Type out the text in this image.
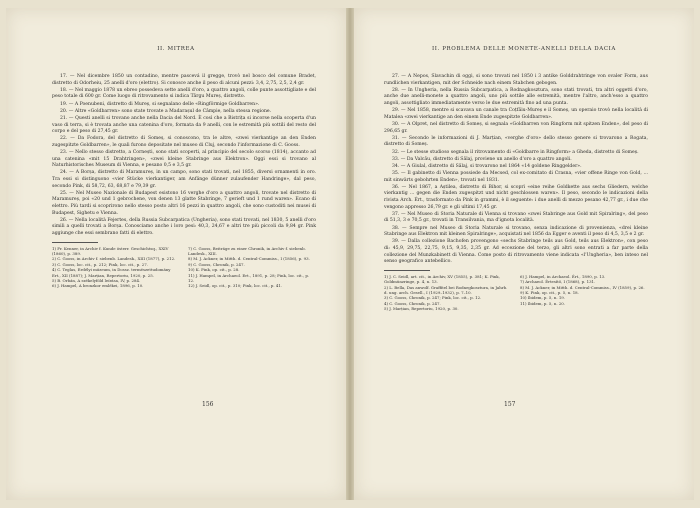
II. MITREA

17. — Nel dicembre 1850 un contadino, mentre pascevá il gregge, trovò nel bosco del comune Bradet, distretto di Odorheiu, 25 anelli d'oro (elettro). Si conosce anche il peso di alcuni pezzi: 3,4, 2,75, 2,5, 2,4 gr.

18. — Nel maggio 1878 un ebreo possedeva sette anelli d'oro, a quattro angoli, colle punte assottigliate e del peso totale di 600 gr. Come luogo di ritrovamento si indica Târgu Mureș, distretto.

19. — A Poenubeni, distretto di Mureș, si segnalano delle «Ringförmige Goldbarren».

20. — Altre «Goldbarren» sono state trovate a Madarașul de Câmpie, nella stessa regione.

21. — Questi anelli si trovano anche nella Dacia del Nord. È così che a Bistrița si incorse nella scoperta d'un vaso di terra, si è trovata anche una catenina d'oro, formata da 9 anelli, con le estremità più sottili del resto del corpo e del peso di 27,45 gr.

22. — Da Fodora, del distretto di Someș, si conoscono, tra le altre, «zwei vierkantige an den Enden zugespitzte Goldbarren», le quali furono depositate nel museo di Cluj, secondo l'informazione di C. Gooss.

23. — Nello stesso distretto, a Cornești, sono stati scoperti, al principio del secolo scorso (1814), accanto ad una catenina «mit 15 Drahtringen», «zwei kleine Stabringe aus Elektron». Oggi essi si trovano al Naturhistorisches Museum di Vienna, e pesano 0,5 e 3,5 gr.

24. — A Borșa, distretto di Maramureș, in un campo, sono stati trovati, nel 1855, diversi ornamenti in oro. Tra essi si distinguono «vier Stücke vierkantiger, am Anfänge dünner zulaufender Handringe», dal peso, secondo Pink, di 58,72, 63, 68,87 e 79,39 gr.

25. — Nel Museo Nazionale di Budapest esistono 16 verghe d'oro a quattro angoli, trovate nel distretto di Maramureș, poi «20 und 1 gebrochene, von denen 13 glatte Stabringe, 7 gerieft und 1 rund waren». Ecano di elettro. Più tardi si scoprirono nello stesso posto altri 16 pezzi in quattro angoli, che sono custoditi nei musei di Budapest, Sighetu e Vienna.

26. — Nella località Fejertes, della Russia Subcarpatica (Ungheria), sono stati trovati, nel 1830, 5 anelli d'oro simili a quelli trovati a Borșa. Conosciamo anche i loro pesi: 40,3, 24,67 e altri tre più piccoli da 9,84 gr. Pink aggiunge che essi sembrano fatti di elettro.

1) Fr. Kenner, in Archiv f. Kunde österr. Geschichtsq., XXIV (1860), p. 389.

2) C. Gooss, in Archiv f. siebenb. Landesk., XIII (1877), p. 212.

3) C. Gooss, loc. cit., p. 212; Pink, loc. cit., p. 27.

4) C. Teglas, Erdélyi múzeum, in Dossz. természettudomány Ert., XII (1887); J. Marțian, Repertoriu, 1920, p. 25.

5) B. Orbán, A székelyföld leírása, IV, p. 284.

6) J. Hampel, A bronzkor emlékei, 1896, p. 10.

7) C. Gooss, Beiträge zu einer Chronik, in Archiv f. siebenb. Landesk., XIII.

8) M. J. Ackner, in Mitth. d. Central-Commiss., I (1856), p. 93.

9) C. Gooss, Chronik, p. 247.

10) K. Pink, op. cit., p. 28.

11) J. Hampel, in Archaeol. Ert., 1891, p. 28; Pink, loc. cit., p. 12.

12) J. Seidl, op. cit., p. 310; Pink, loc. cit., p. 41.

156
II. PROBLEMA DELLE MONETE-ANELLI DELLA DACIA

27. — A Nepos, Slavachin di oggi, si sono trovati nel 1850 i 3 antike Golddrahtringe von ovaler Form, aus rundlichen vierkantigen, mit der Schneide nach einem Stabchen gebogen.

28. — In Ungheria, nella Russia Subcarpatica, a Rodnagkosztura, sono stati trovati, tra altri oggetti d'oro, anche due anelli-monete a quattro angoli, uno più sottile alle estremità, mentre l'altro, anch'esso a quattro angoli, assottigliato immediatamente verso le due estremità fino ad una punta.

29. — Nel 1858, mentre si scavava un canale tra Coțfăiu-Mureș e il Someș, un operaio trovò nella località di Matalea «zwei vierkantige an den einem Ende zugespitzte Goldbarren».

30. — A Olpret, nel distretto di Someș, si segnala «Goldbarren von Ringform mit spitzen Enden», del peso di 296,65 gr.

31. — Secondo le informazioni di J. Marțian, «verghe d'oro» dello stesso genere si trovarono a Rogata, distretto di Someș.

32. — Le stesse studioso segnala il ritrovamento di «Goldbarre in Ringform» a Gheda, distretto di Someș.

33. — Da Valcău, distretto di Sălaj, proviene un anello d'oro a quattro angoli.

34. — A Giulal, distretto di Sălaj, si trovarono nel 1864 «14 goldene Ringgelder».

35. — Il gabinetto di Vienna possiede da Mecsed, col ex-comitato di Crasna, «vier offene Ringe von Gold, ... mit sinwärts gebohrten Enden», trovati nel 1831.

36. — Nel 1867, a Aștilea, distretto di Bihor, si scoprì «eine reihe Goldkette aus sechs Gliedern, welche vierkantig ... gegen die Enden zugespitzt und nicht geschlossen waren». Il peso, secondo le indicazioni della rivista Arch. Ért., trasformato da Pink in grammi, è il seguente: i due anelli di mezzo pesano 42,77 gr., i due che vengono appresso 26,79 gr. e gli ultimi 17,45 gr.

37. — Nel Museo di Storia Naturale di Vienna si trovano «zwei Stabringe aus Gold mit Spiralring», del peso di 51,3, 3 e 70,5 gr., trovati in Transilvania, ma d'ignota località.

38. — Sempre nel Museo di Storia Naturale si trovano, senza indicazione di provenienza, «drei kleine Stabringe aus Elektron mit kleinen Spiralringe», acquistati nel 1856 da Egger e aventi il peso di 4,5, 3,5 e 2 gr.

39. — Dalla collezione Bachofen provengono «sechs Stabringe teils aus Gold, teils aus Elektron», con peso di: 45,9, 29,75, 22,75, 9,15, 9,35, 2,35 gr. Ad eccezione del terzo, gli altri sono entrati a far parte della collezione del Munzkabinett di Vienna. Come posto di ritrovamento viene indicata «l'Ungheria», ben inteso nel senso geografico antebellico.

1) J. C. Seidl, art. cit., in Archiv, XV (1855), p. 381; K. Pink, Goldmünzringe, p. 4, n. 13.

2) L. Bella, Das anwolf. Graffitel bei Rodnegkosztura, in Jahrb. d. ung. arch. Gesell., I (1929–1932), p. 7–10.

3) C. Gooss, Chronik, p. 247; Pink, loc. cit., p. 12.

4) C. Gooss, Chronik, p. 247.

5) J. Marțian, Repertoriu, 1920, p. 30.

6) J. Hampel, in Archaeol. Ért., 1890, p. 13.

7) Archaeol. Értesítő, I (1868), p. 131.

8) M. J. Ackner, in Mitth. d. Central-Commiss., IV (1859), p. 26.

9) K. Pink, op. cit., p. 5, n. 18.

10) Ibidem, p. 5, n. 19.

11) Ibidem, p. 5, n. 20.

157
